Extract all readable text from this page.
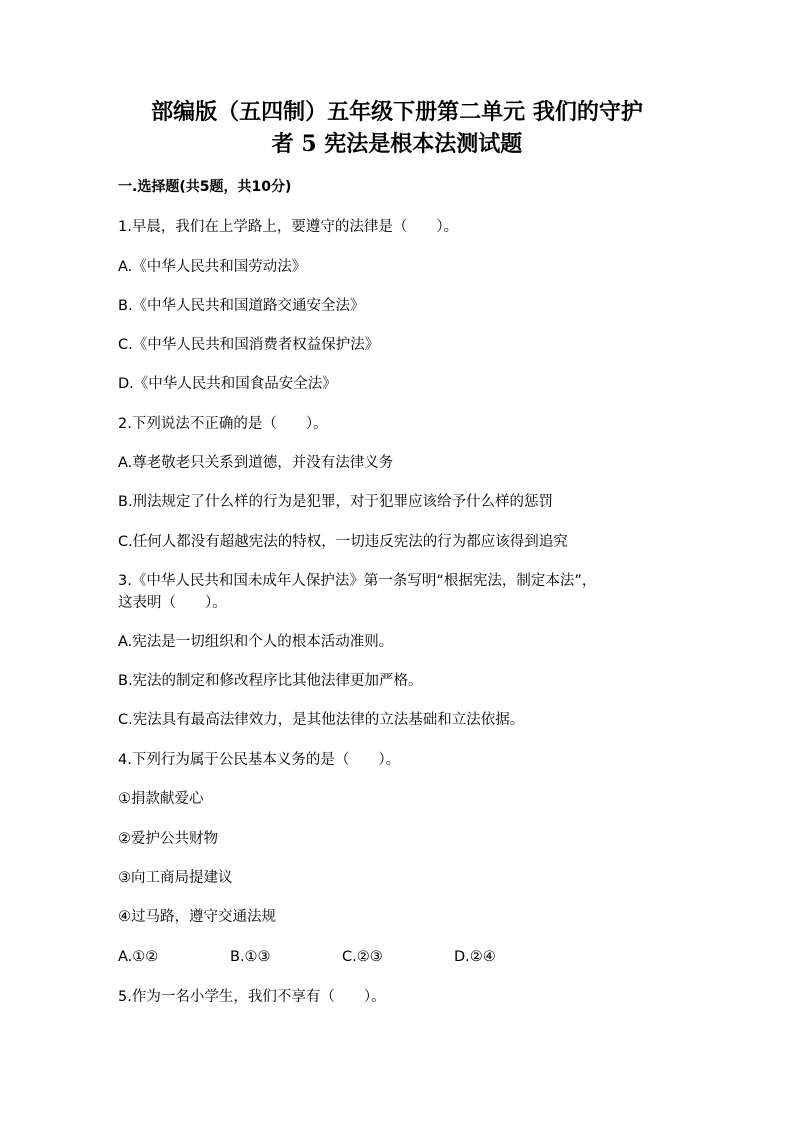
部编版（五四制）五年级下册第二单元 我们的守护
者 5 宪法是根本法测试题
一.选择题(共5题，共10分)
1.早晨，我们在上学路上，要遵守的法律是（　　）。
A.《中华人民共和国劳动法》
B.《中华人民共和国道路交通安全法》
C.《中华人民共和国消费者权益保护法》
D.《中华人民共和国食品安全法》
2.下列说法不正确的是（　　）。
A.尊老敬老只关系到道德，并没有法律义务
B.刑法规定了什么样的行为是犯罪，对于犯罪应该给予什么样的惩罚
C.任何人都没有超越宪法的特权，一切违反宪法的行为都应该得到追究
3.《中华人民共和国未成年人保护法》第一条写明“根据宪法，制定本法”，
这表明（　　）。
A.宪法是一切组织和个人的根本活动准则。
B.宪法的制定和修改程序比其他法律更加严格。
C.宪法具有最高法律效力，是其他法律的立法基础和立法依据。
4.下列行为属于公民基本义务的是（　　）。
①捐款献爱心
②爱护公共财物
③向工商局提建议
④过马路，遵守交通法规
A.①②	B.①③	C.②③	D.②④
5.作为一名小学生，我们不享有（　　）。
